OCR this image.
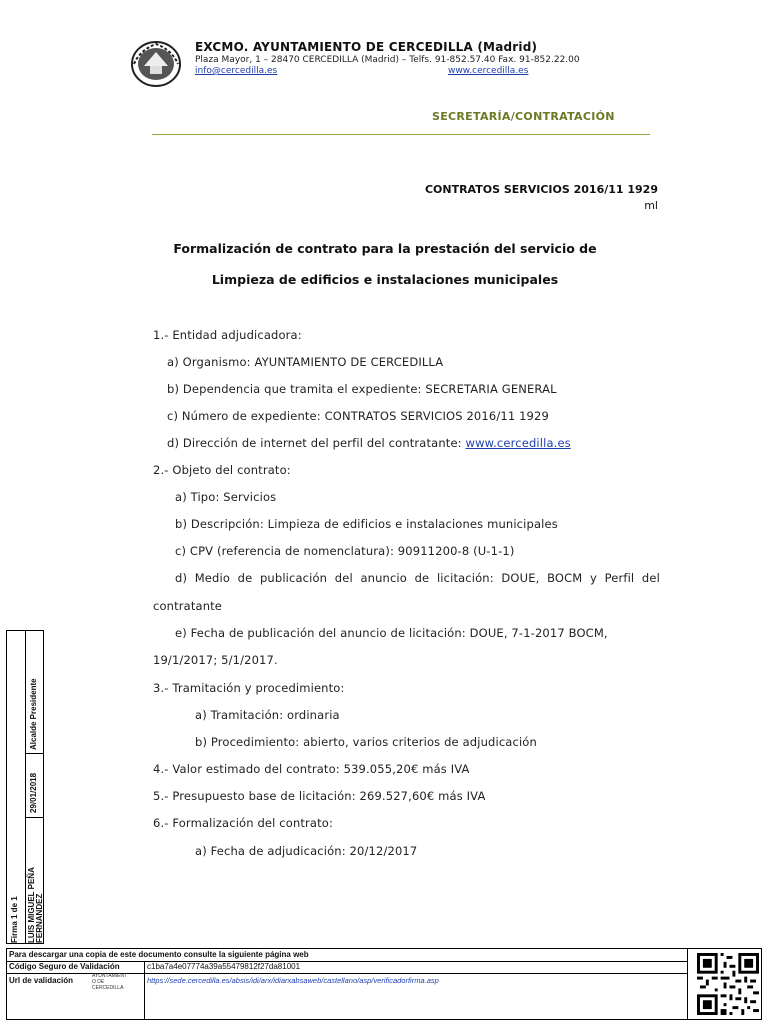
EXCMO. AYUNTAMIENTO DE CERCEDILLA (Madrid)
Plaza Mayor, 1 – 28470 CERCEDILLA (Madrid) – Telfs. 91-852.57.40 Fax. 91-852.22.00
info@cercedilla.es	www.cercedilla.es
SECRETARÍA/CONTRATACIÓN
CONTRATOS SERVICIOS 2016/11 1929
ml
Formalización de contrato para la prestación del servicio de
Limpieza de edificios e instalaciones municipales
1.- Entidad adjudicadora:
a) Organismo: AYUNTAMIENTO DE CERCEDILLA
b) Dependencia que tramita el expediente: SECRETARIA GENERAL
c) Número de expediente: CONTRATOS SERVICIOS 2016/11 1929
d) Dirección de internet del perfil del contratante: www.cercedilla.es
2.- Objeto del contrato:
a) Tipo: Servicios
b) Descripción: Limpieza de edificios e instalaciones municipales
c) CPV (referencia de nomenclatura): 90911200-8 (U-1-1)
d) Medio de publicación del anuncio de licitación: DOUE, BOCM y Perfil del
contratante
e) Fecha de publicación del anuncio de licitación: DOUE, 7-1-2017 BOCM,
19/1/2017; 5/1/2017.
3.- Tramitación y procedimiento:
a) Tramitación: ordinaria
b) Procedimiento: abierto, varios criterios de adjudicación
4.- Valor estimado del contrato: 539.055,20€ más IVA
5.- Presupuesto base de licitación: 269.527,60€ más IVA
6.- Formalización del contrato:
a) Fecha de adjudicación: 20/12/2017
Firma 1 de 1 LUIS MIGUEL PEÑA FERNANDEZ
29/01/2018
Alcalde Presidente
Para descargar una copia de este documento consulte la siguiente página web
Código Seguro de Validación	c1ba7a4e07774a39a55479812f27da81001
Url de validación	https://sede.cercedilla.es/absis/idi/arx/idiarxabsaweb/castellano/asp/verificadorfirma.asp
AYUNTAMIENT
O DE
CERCEDILLA
